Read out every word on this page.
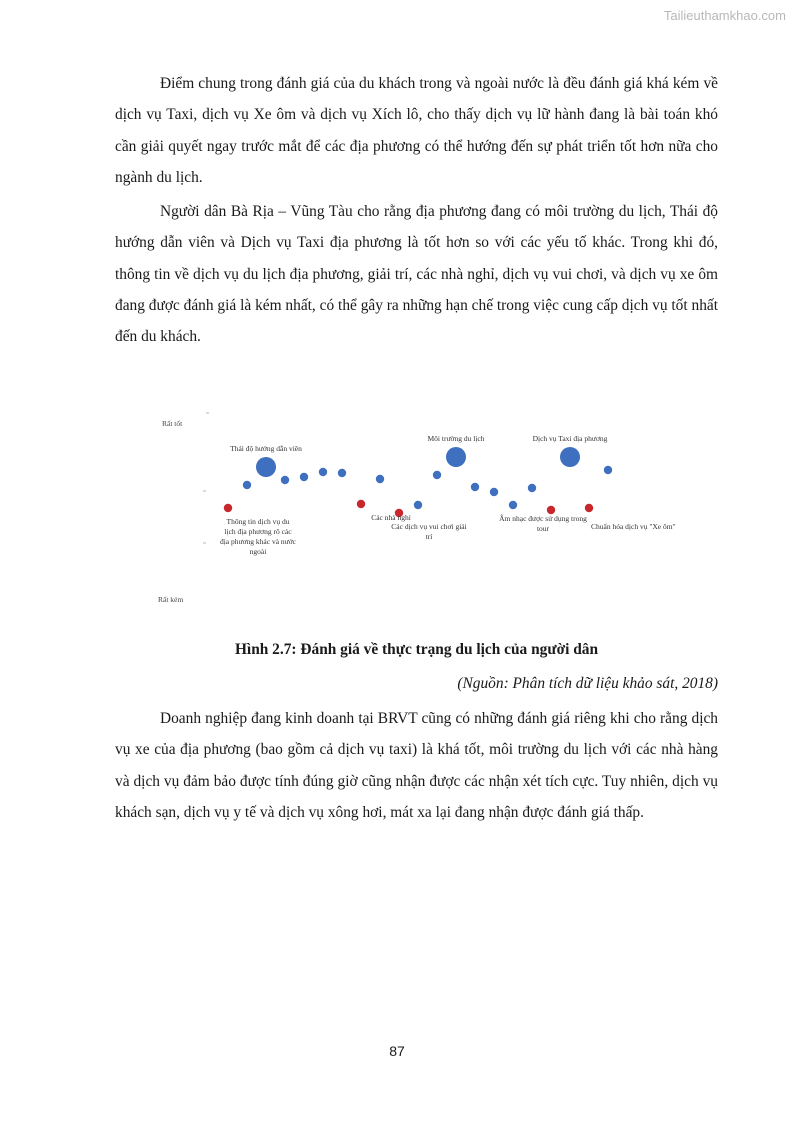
Tailieuthamkhao.com

Điểm chung trong đánh giá của du khách trong và ngoài nước là đều đánh giá khá kém về dịch vụ Taxi, dịch vụ Xe ôm và dịch vụ Xích lô, cho thấy dịch vụ lữ hành đang là bài toán khó cần giải quyết ngay trước mắt để các địa phương có thể hướng đến sự phát triển tốt hơn nữa cho ngành du lịch.

Người dân Bà Rịa – Vũng Tàu cho rằng địa phương đang có môi trường du lịch, Thái độ hướng dẫn viên và Dịch vụ Taxi địa phương là tốt hơn so với các yếu tố khác. Trong khi đó, thông tin về dịch vụ du lịch địa phương, giải trí, các nhà nghỉ, dịch vụ vui chơi, và dịch vụ xe ôm đang được đánh giá là kém nhất, có thể gây ra những hạn chế trong việc cung cấp dịch vụ tốt nhất đến du khách.

Rất tốt
Rất kém
Thái độ hướng dẫn viên
Môi trường du lịch	Dịch vụ Taxi địa phương
Thông tin dịch vụ du lịch địa phương rõ các địa phương khác và nước ngoài
Các nhà nghỉ
Các dịch vụ vui chơi giải trí
Âm nhạc được sử dụng trong tour	Chuẩn hóa dịch vụ "Xe ôm"

Hình 2.7: Đánh giá về thực trạng du lịch của người dân

(Nguồn: Phân tích dữ liệu khảo sát, 2018)

Doanh nghiệp đang kinh doanh tại BRVT cũng có những đánh giá riêng khi cho rằng dịch vụ xe của địa phương (bao gồm cả dịch vụ taxi) là khá tốt, môi trường du lịch với các nhà hàng và dịch vụ đảm bảo được tính đúng giờ cũng nhận được các nhận xét tích cực. Tuy nhiên, dịch vụ khách sạn, dịch vụ y tế và dịch vụ xông hơi, mát xa lại đang nhận được đánh giá thấp.

87
